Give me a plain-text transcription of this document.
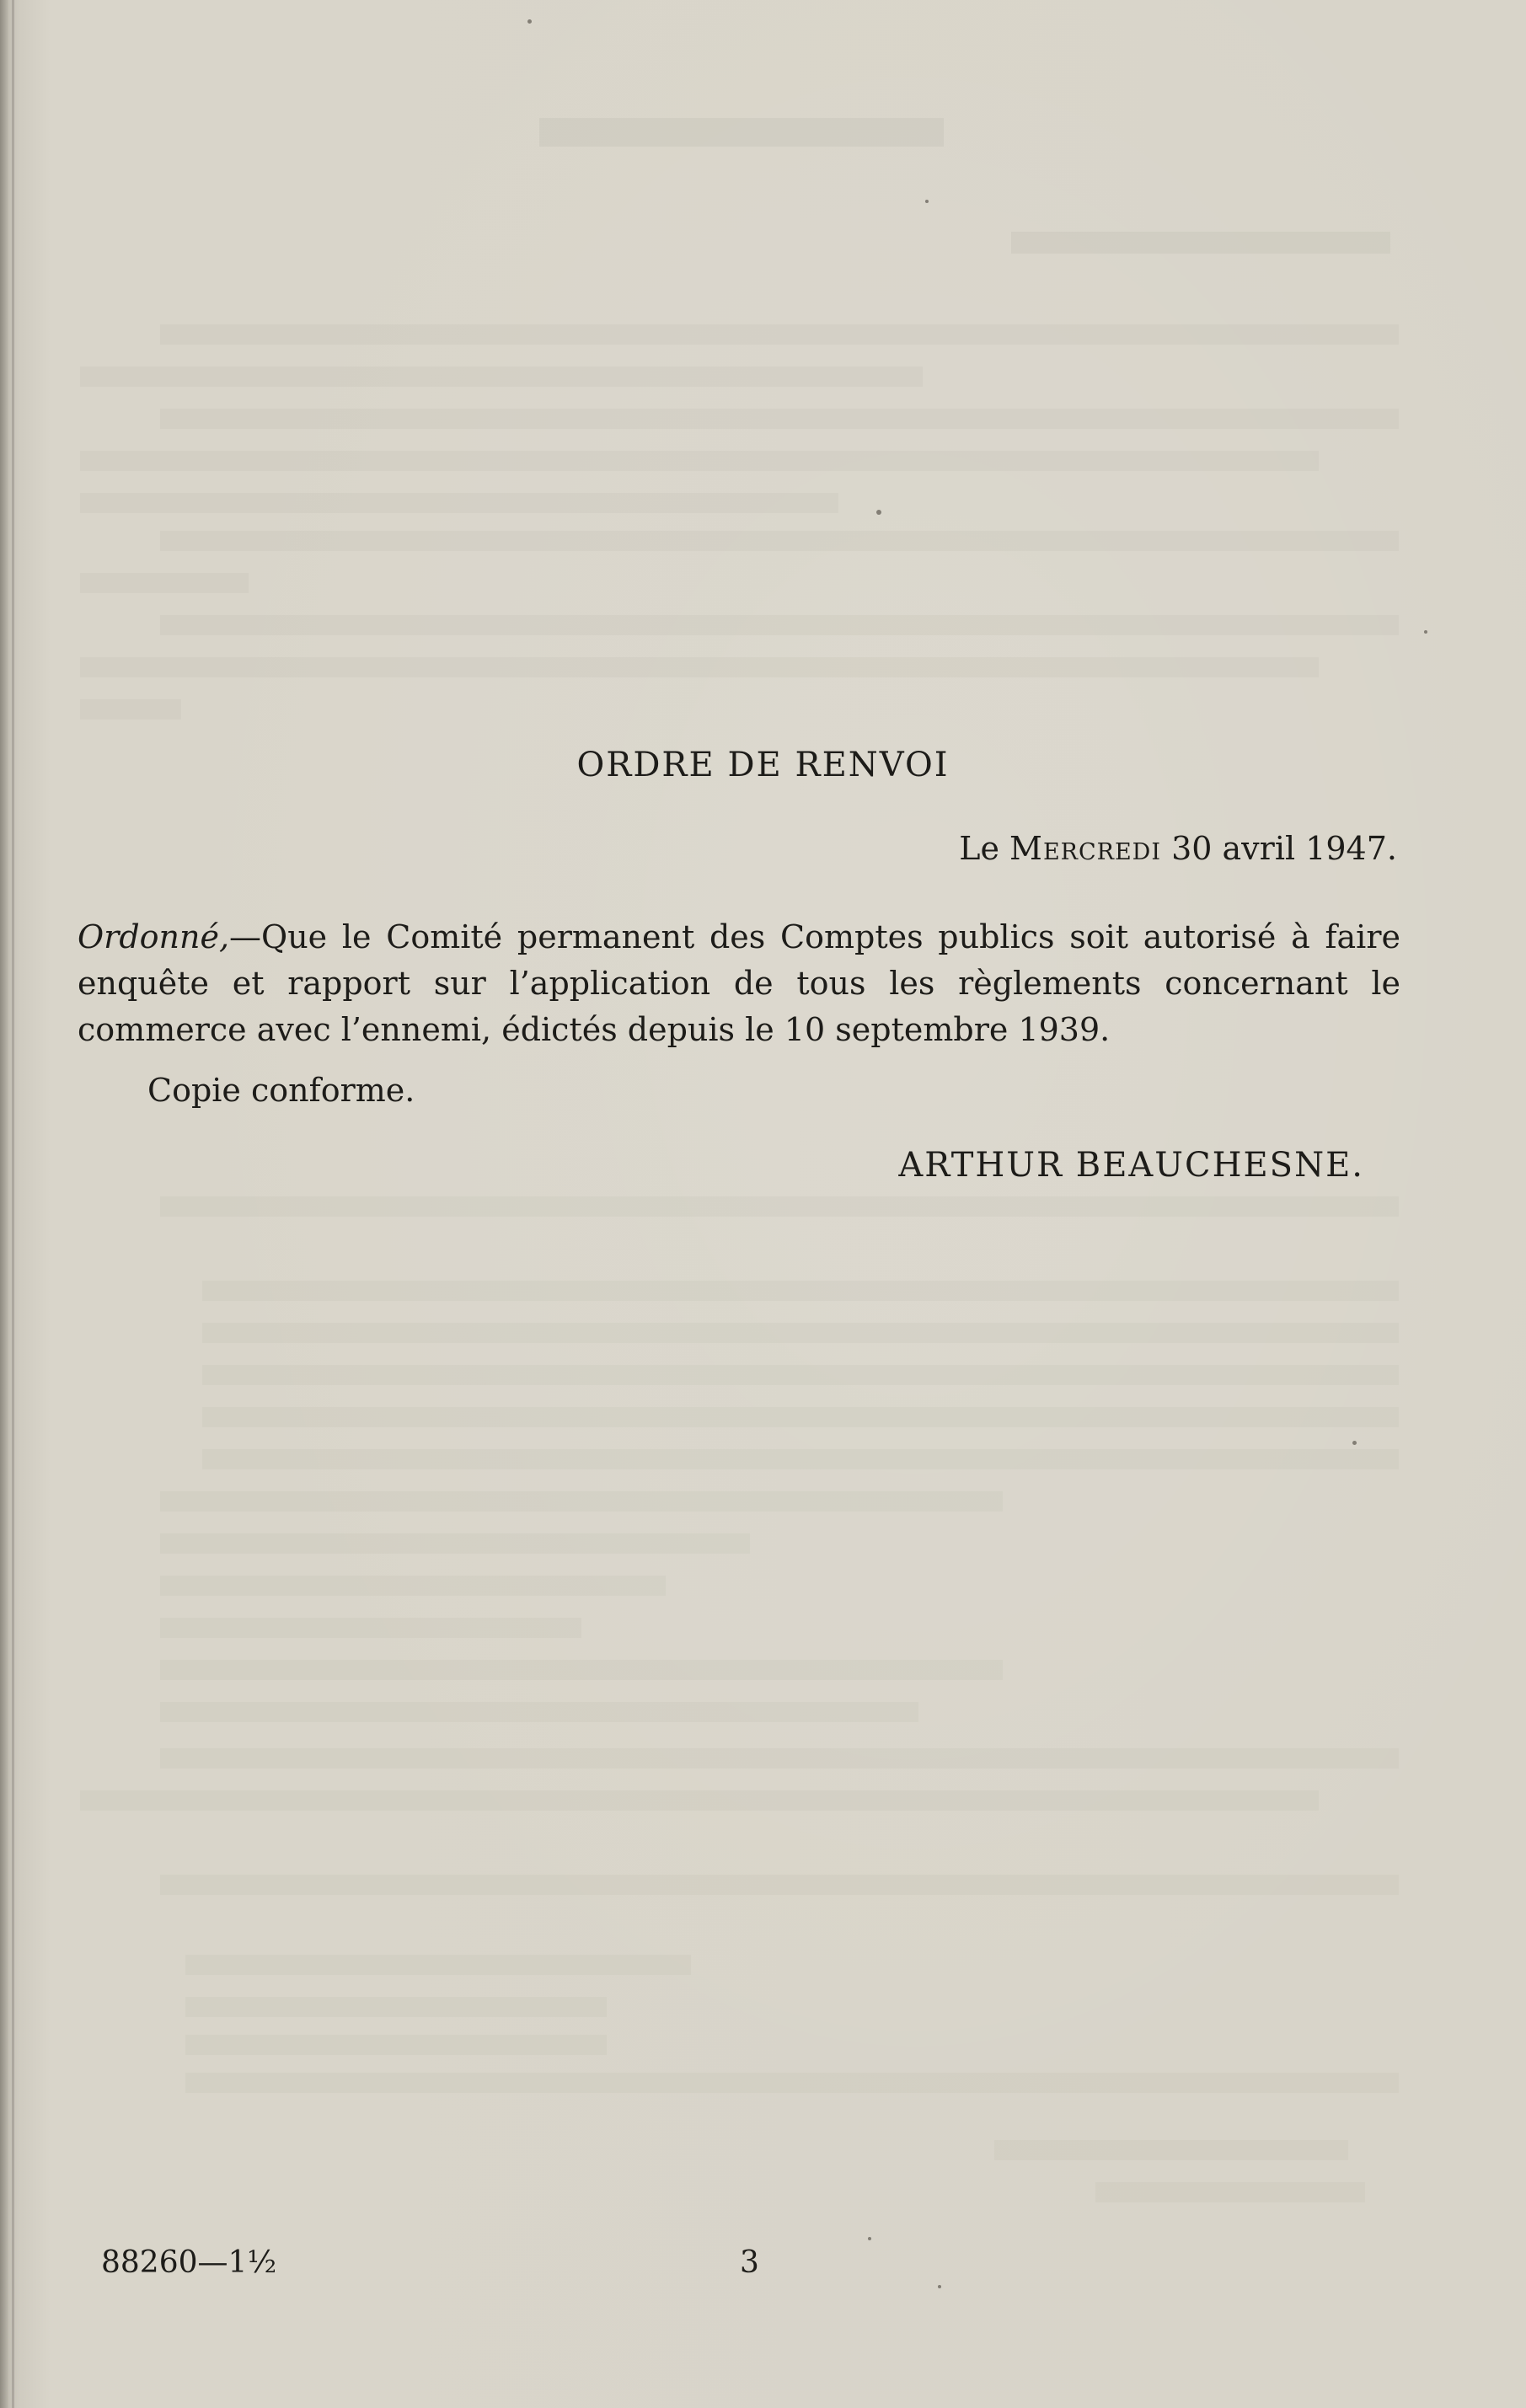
ORDRE DE RENVOI

Le Mercredi 30 avril 1947.

Ordonné,—Que le Comité permanent des Comptes publics soit autorisé à faire enquête et rapport sur l’application de tous les règlements concernant le commerce avec l’ennemi, édictés depuis le 10 septembre 1939.

Copie conforme.

ARTHUR BEAUCHESNE.

88260—1½	3
